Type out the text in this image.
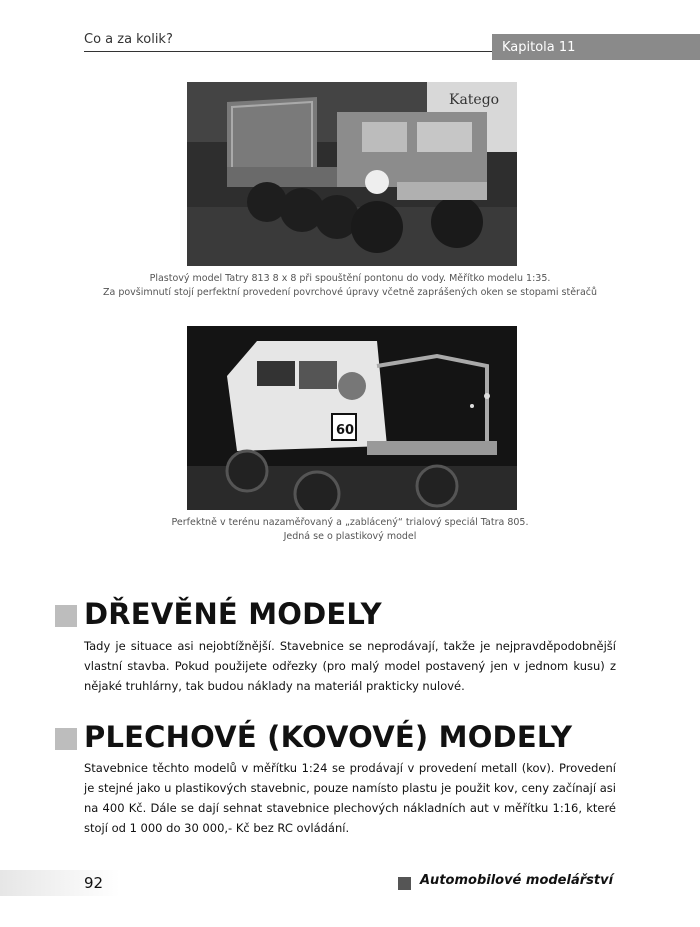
Co a za kolik?	Kapitola 11
Katego
Plastový model Tatry 813 8 x 8 při spouštění pontonu do vody. Měřítko modelu 1:35.
Za povšimnutí stojí perfektní provedení povrchové úpravy včetně zaprášených oken se stopami stěračů
60
Perfektně v terénu nazaměřovaný a „zablácený“ trialový speciál Tatra 805.
Jedná se o plastikový model
DŘEVĚNÉ MODELY
Tady je situace asi nejobtížnější. Stavebnice se neprodávají, takže je nejpravděpodobnější vlastní stavba. Pokud použijete odřezky (pro malý model postavený jen v jednom kusu) z nějaké truhlárny, tak budou náklady na materiál prakticky nulové.
PLECHOVÉ (KOVOVÉ) MODELY
Stavebnice těchto modelů v měřítku 1:24 se prodávají v provedení metall (kov). Provedení je stejné jako u plastikových stavebnic, pouze namísto plastu je použit kov, ceny začínají asi na 400 Kč. Dále se dají sehnat stavebnice plechových nákladních aut v měřítku 1:16, které stojí od 1 000 do 30 000,- Kč bez RC ovládání.
92	Automobilové modelářství
